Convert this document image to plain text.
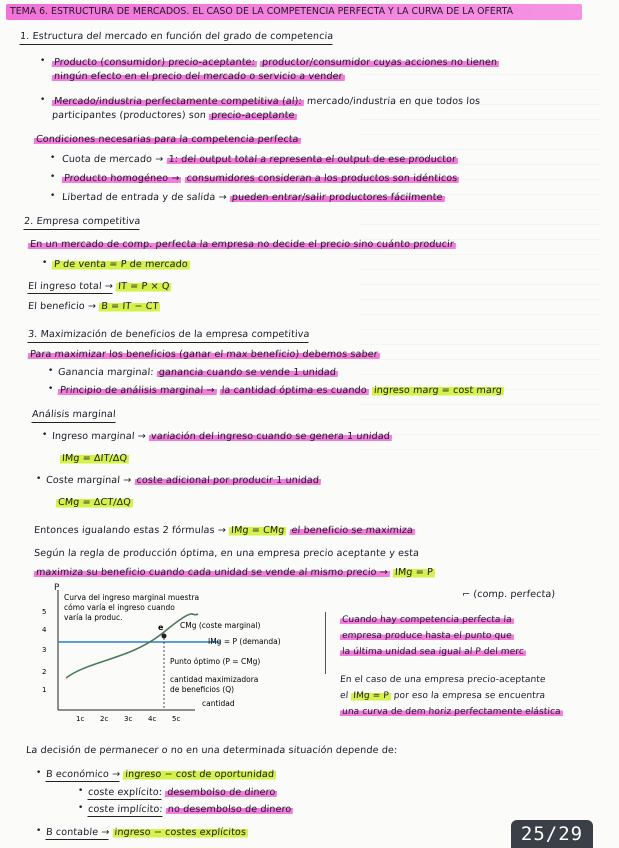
TEMA 6. ESTRUCTURA DE MERCADOS. EL CASO DE LA COMPETENCIA PERFECTA Y LA CURVA DE LA OFERTA
1. Estructura del mercado en función del grado de competencia
• Producto (consumidor) precio-aceptante: productor/consumidor cuyas acciones no tienen
ningún efecto en el precio del mercado o servicio a vender
• Mercado/industria perfectamente competitiva (al): mercado/industria en que todos los
participantes (productores) son precio-aceptante
Condiciones necesarias para la competencia perfecta
• Cuota de mercado → 1: del output total a representa el output de ese productor
• Producto homogéneo → consumidores consideran a los productos son idénticos
• Libertad de entrada y de salida → pueden entrar/salir productores fácilmente
2. Empresa competitiva
En un mercado de comp. perfecta la empresa no decide el precio sino cuánto producir
• P de venta = P de mercado
El ingreso total → IT = P × Q
El beneficio → B = IT − CT
3. Maximización de beneficios de la empresa competitiva
Para maximizar los beneficios (ganar el max beneficio) debemos saber
• Ganancia marginal: ganancia cuando se vende 1 unidad
• Principio de análisis marginal → la cantidad óptima es cuando ingreso marg = cost marg
Análisis marginal
• Ingreso marginal → variación del ingreso cuando se genera 1 unidad
IMg = ΔIT/ΔQ
• Coste marginal → coste adicional por producir 1 unidad
CMg = ΔCT/ΔQ
Entonces igualando estas 2 fórmulas → IMg = CMg el beneficio se maximiza
Según la regla de producción óptima, en una empresa precio aceptante y esta
maximiza su beneficio cuando cada unidad se vende al mismo precio → IMg = P
⌐ (comp. perfecta)
P
5
4
3
2
1
1c 2c 3c 4c 5c
Curva del ingreso marginal muestra
cómo varía el ingreso cuando
varía la produc.
e CMg (coste marginal)
IMg = P (demanda)
Punto óptimo (P = CMg)
cantidad maximizadora
de beneficios (Q)
cantidad
Cuando hay competencia perfecta la
empresa produce hasta el punto que
la última unidad sea igual al P del merc
En el caso de una empresa precio-aceptante
el IMg = P por eso la empresa se encuentra
una curva de dem horiz perfectamente elástica
La decisión de permanecer o no en una determinada situación depende de:
• B económico → ingreso − cost de oportunidad
• coste explícito: desembolso de dinero
• coste implícito: no desembolso de dinero
• B contable → ingreso − costes explícitos	25/29
